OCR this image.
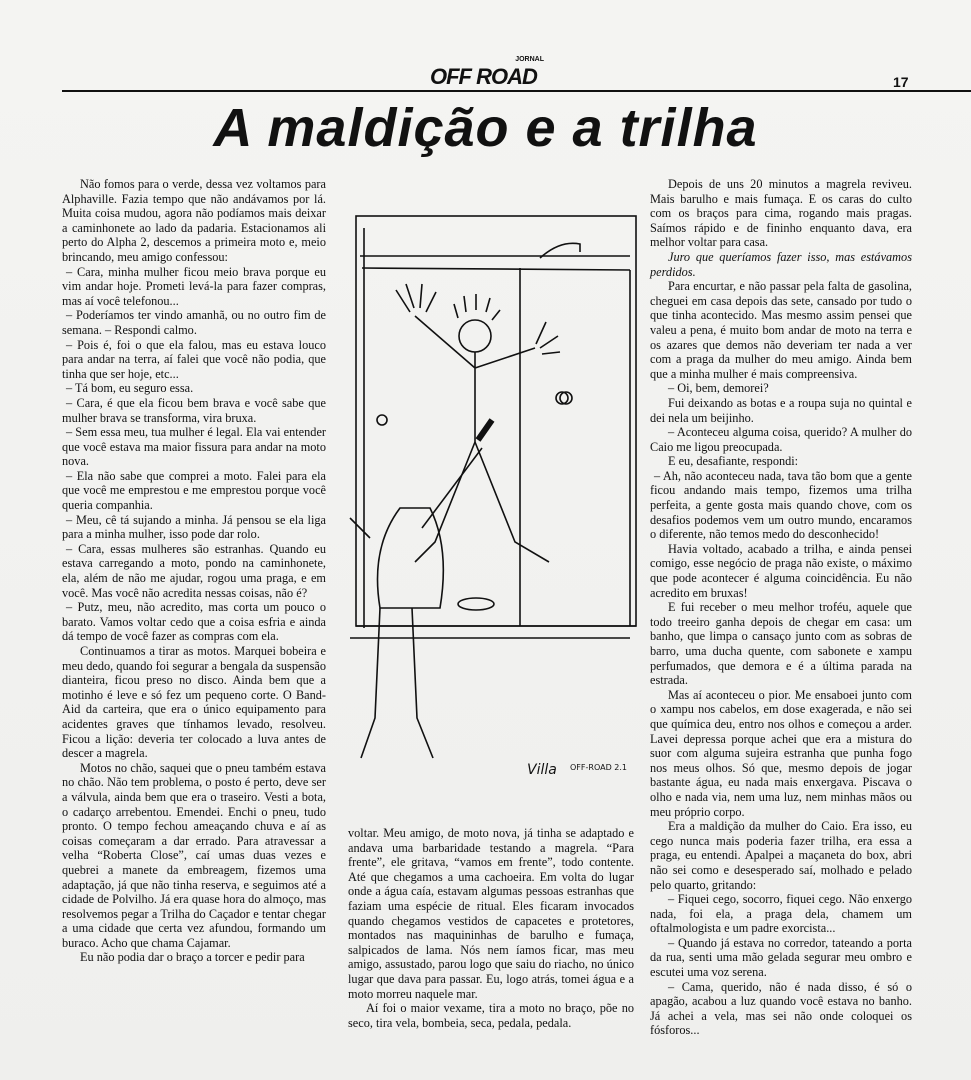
JORNAL
OFF ROAD	17
A maldição e a trilha

Não fomos para o verde, dessa vez voltamos para Alphaville. Fazia tempo que não andávamos por lá. Muita coisa mudou, agora não podíamos mais deixar a caminhonete ao lado da padaria. Estacionamos ali perto do Alpha 2, descemos a primeira moto e, meio brincando, meu amigo confessou:

– Cara, minha mulher ficou meio brava porque eu vim andar hoje. Prometi levá-la para fazer compras, mas aí você telefonou...

– Poderíamos ter vindo amanhã, ou no outro fim de semana. – Respondi calmo.

– Pois é, foi o que ela falou, mas eu estava louco para andar na terra, aí falei que você não podia, que tinha que ser hoje, etc...

– Tá bom, eu seguro essa.

– Cara, é que ela ficou bem brava e você sabe que mulher brava se transforma, vira bruxa.

– Sem essa meu, tua mulher é legal. Ela vai entender que você estava ma maior fissura para andar na moto nova.

– Ela não sabe que comprei a moto. Falei para ela que você me emprestou e me emprestou porque você queria companhia.

– Meu, cê tá sujando a minha. Já pensou se ela liga para a minha mulher, isso pode dar rolo.

– Cara, essas mulheres são estranhas. Quando eu estava carregando a moto, pondo na caminhonete, ela, além de não me ajudar, rogou uma praga, e em você. Mas você não acredita nessas coisas, não é?

– Putz, meu, não acredito, mas corta um pouco o barato. Vamos voltar cedo que a coisa esfria e ainda dá tempo de você fazer as compras com ela.

Continuamos a tirar as motos. Marquei bobeira e meu dedo, quando foi segurar a bengala da suspensão dianteira, ficou preso no disco. Ainda bem que a motinho é leve e só fez um pequeno corte. O Band-Aid da carteira, que era o único equipamento para acidentes graves que tínhamos levado, resolveu. Ficou a lição: deveria ter colocado a luva antes de descer a magrela.

Motos no chão, saquei que o pneu também estava no chão. Não tem problema, o posto é perto, deve ser a válvula, ainda bem que era o traseiro. Vesti a bota, o cadarço arrebentou. Emendei. Enchi o pneu, tudo pronto. O tempo fechou ameaçando chuva e aí as coisas começaram a dar errado. Para atravessar a velha “Roberta Close”, caí umas duas vezes e quebrei a manete da embreagem, fizemos uma adaptação, já que não tinha reserva, e seguimos até a cidade de Polvilho. Já era quase hora do almoço, mas resolvemos pegar a Trilha do Caçador e tentar chegar a uma cidade que certa vez afundou, formando um buraco. Acho que chama Cajamar.

Eu não podia dar o braço a torcer e pedir para

Villa

voltar. Meu amigo, de moto nova, já tinha se adaptado e andava uma barbaridade testando a magrela. “Para frente”, ele gritava, “vamos em frente”, todo contente. Até que chegamos a uma cachoeira. Em volta do lugar onde a água caía, estavam algumas pessoas estranhas que faziam uma espécie de ritual. Eles ficaram invocados quando chegamos vestidos de capacetes e protetores, montados nas maquininhas de barulho e fumaça, salpicados de lama. Nós nem íamos ficar, mas meu amigo, assustado, parou logo que saiu do riacho, no único lugar que dava para passar. Eu, logo atrás, tomei água e a moto morreu naquele mar.

Aí foi o maior vexame, tira a moto no braço, põe no seco, tira vela, bombeia, seca, pedala, pedala.

Depois de uns 20 minutos a magrela reviveu. Mais barulho e mais fumaça. E os caras do culto com os braços para cima, rogando mais pragas. Saímos rápido e de fininho enquanto dava, era melhor voltar para casa.

Juro que queríamos fazer isso, mas estávamos perdidos.

Para encurtar, e não passar pela falta de gasolina, cheguei em casa depois das sete, cansado por tudo o que tinha acontecido. Mas mesmo assim pensei que valeu a pena, é muito bom andar de moto na terra e os azares que demos não deveriam ter nada a ver com a praga da mulher do meu amigo. Ainda bem que a minha mulher é mais compreensiva.

– Oi, bem, demorei?

Fui deixando as botas e a roupa suja no quintal e dei nela um beijinho.

– Aconteceu alguma coisa, querido? A mulher do Caio me ligou preocupada.

E eu, desafiante, respondi:

– Ah, não aconteceu nada, tava tão bom que a gente ficou andando mais tempo, fizemos uma trilha perfeita, a gente gosta mais quando chove, com os desafios podemos vem um outro mundo, encaramos o diferente, não temos medo do desconhecido!

Havia voltado, acabado a trilha, e ainda pensei comigo, esse negócio de praga não existe, o máximo que pode acontecer é alguma coincidência. Eu não acredito em bruxas!

E fui receber o meu melhor troféu, aquele que todo treeiro ganha depois de chegar em casa: um banho, que limpa o cansaço junto com as sobras de barro, uma ducha quente, com sabonete e xampu perfumados, que demora e é a última parada na estrada.

Mas aí aconteceu o pior. Me ensaboei junto com o xampu nos cabelos, em dose exagerada, e não sei que química deu, entro nos olhos e começou a arder. Lavei depressa porque achei que era a mistura do suor com alguma sujeira estranha que punha fogo nos meus olhos. Só que, mesmo depois de jogar bastante água, eu nada mais enxergava. Piscava o olho e nada via, nem uma luz, nem minhas mãos ou meu próprio corpo.

Era a maldição da mulher do Caio. Era isso, eu cego nunca mais poderia fazer trilha, era essa a praga, eu entendi. Apalpei a maçaneta do box, abri não sei como e desesperado saí, molhado e pelado pelo quarto, gritando:

– Fiquei cego, socorro, fiquei cego. Não enxergo nada, foi ela, a praga dela, chamem um oftalmologista e um padre exorcista...

– Quando já estava no corredor, tateando a porta da rua, senti uma mão gelada segurar meu ombro e escutei uma voz serena.

– Cama, querido, não é nada disso, é só o apagão, acabou a luz quando você estava no banho. Já achei a vela, mas sei não onde coloquei os fósforos...

OFF-ROAD 2.1
